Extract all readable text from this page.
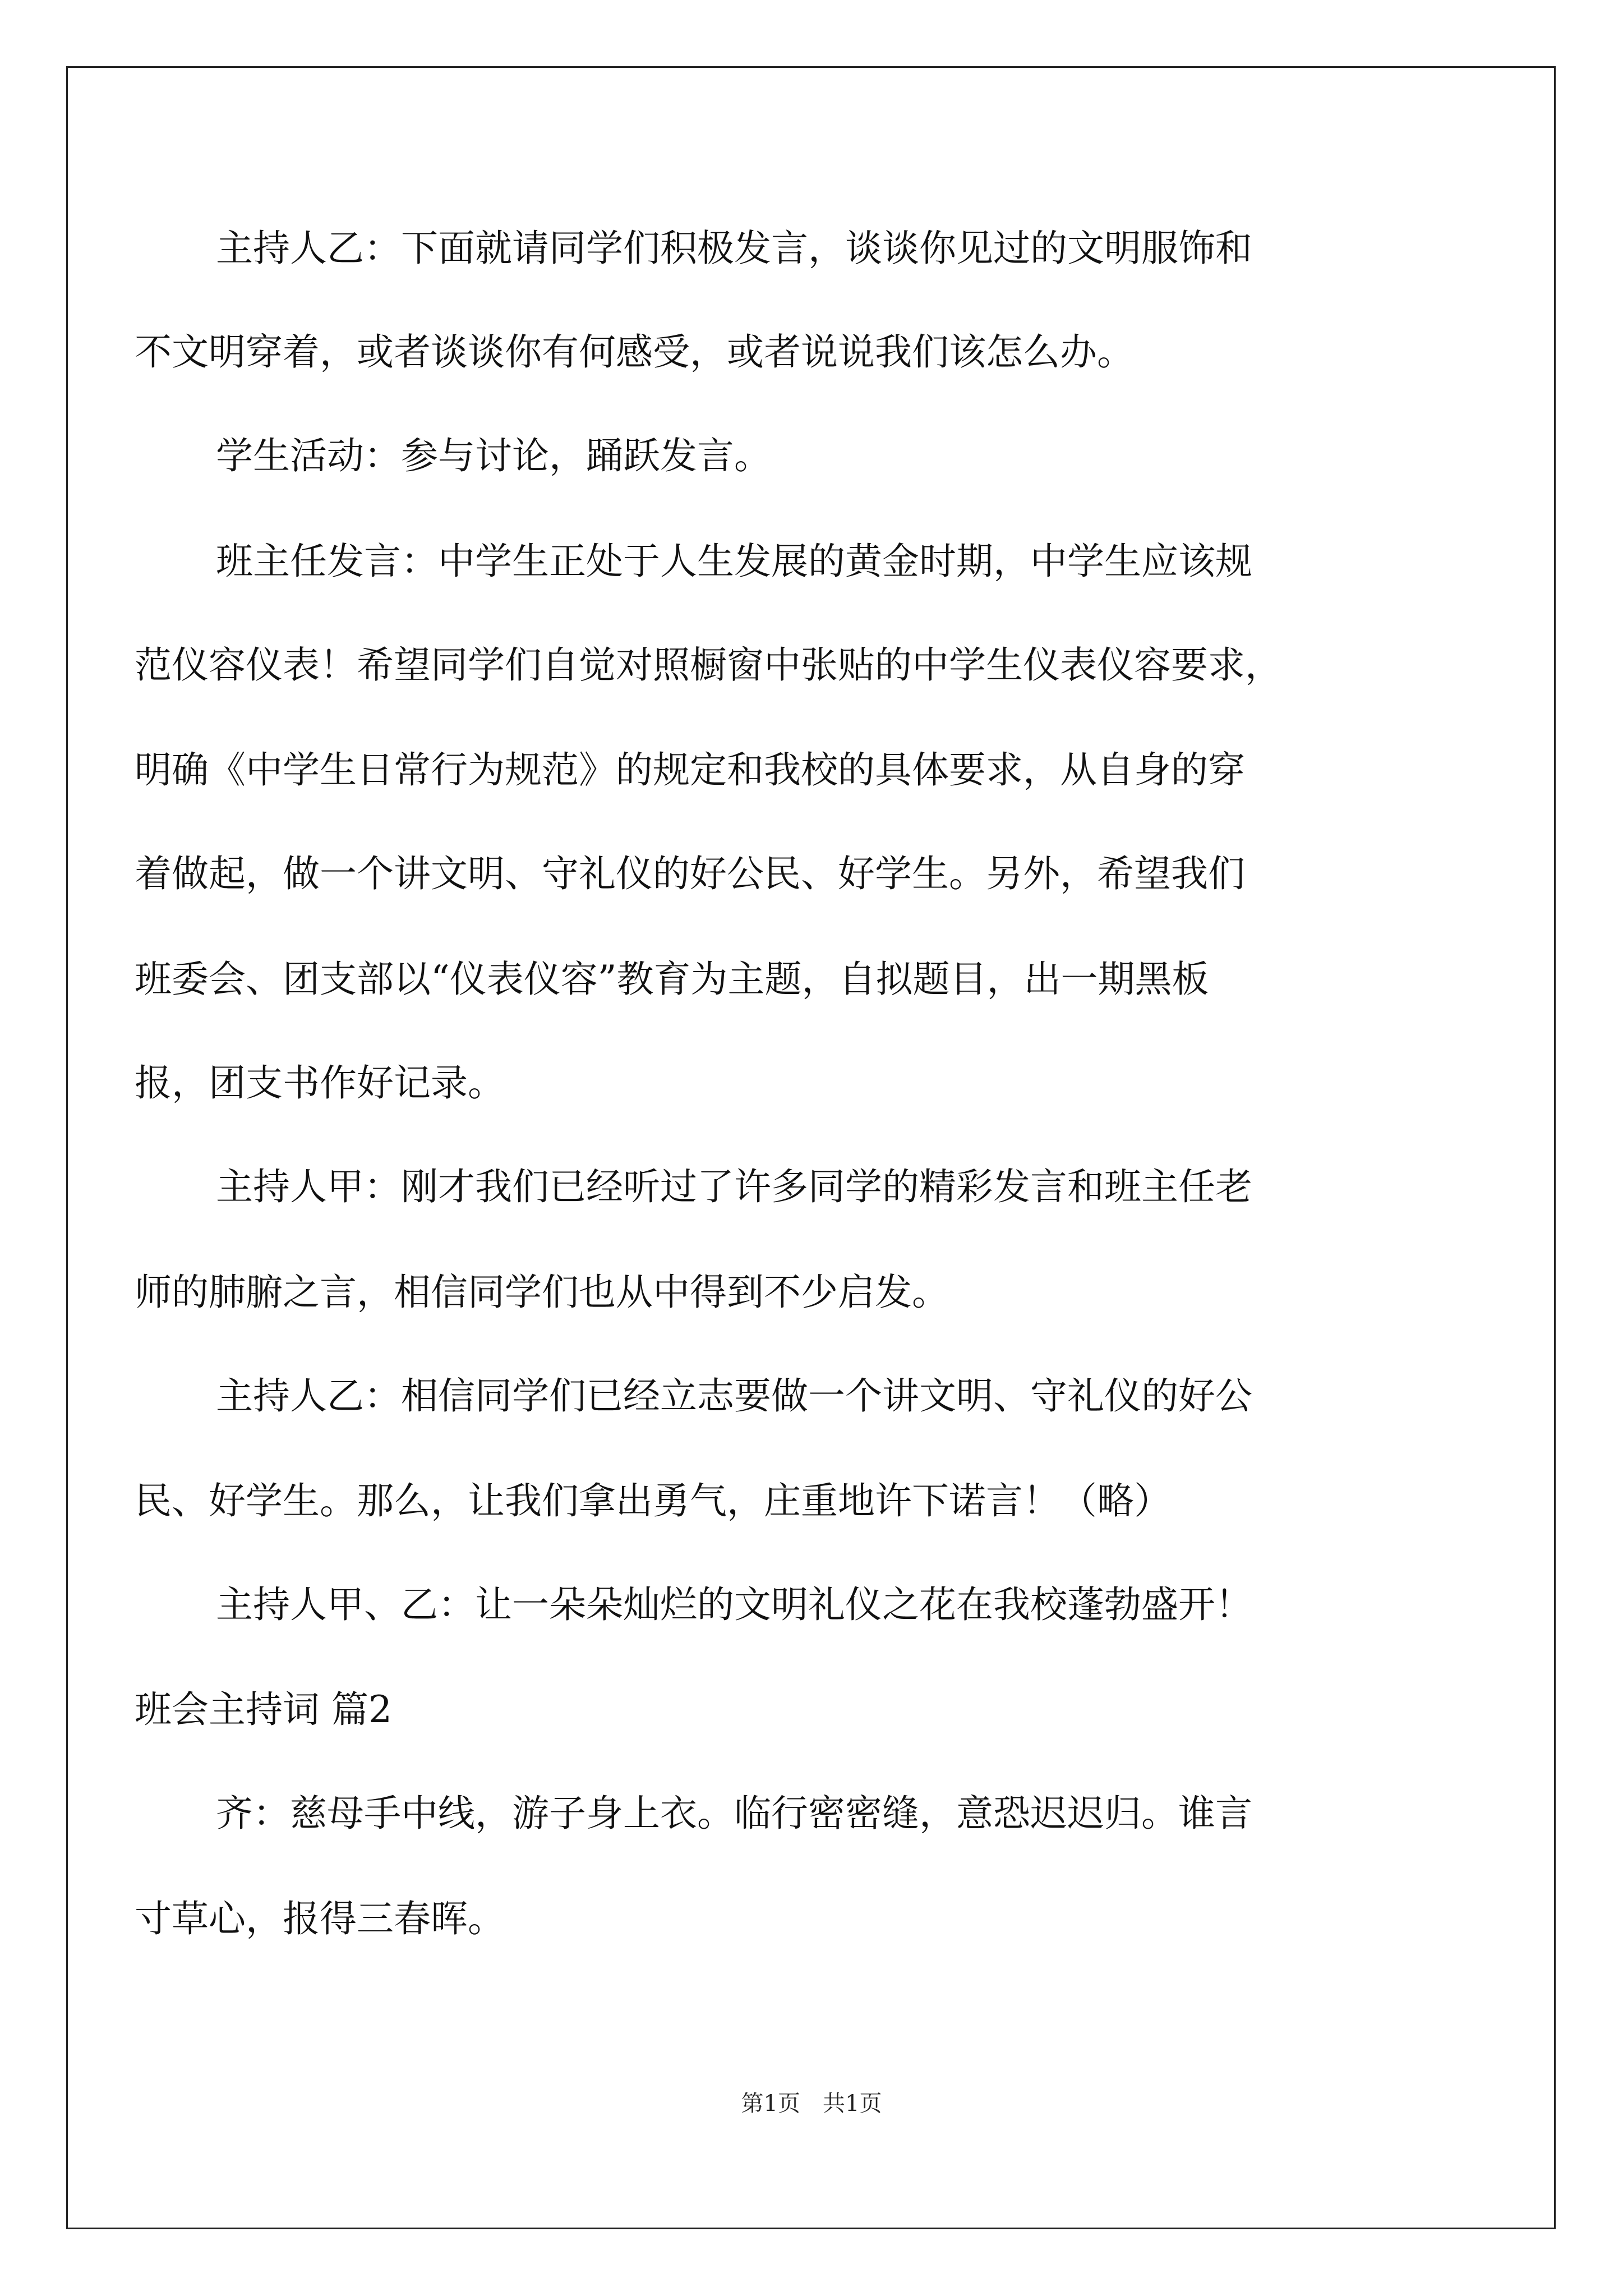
主持人乙：下面就请同学们积极发言，谈谈你见过的文明服饰和
不文明穿着，或者谈谈你有何感受，或者说说我们该怎么办。
学生活动：参与讨论，踊跃发言。
班主任发言：中学生正处于人生发展的黄金时期，中学生应该规
范仪容仪表！希望同学们自觉对照橱窗中张贴的中学生仪表仪容要求，
明确《中学生日常行为规范》的规定和我校的具体要求，从自身的穿
着做起，做一个讲文明、守礼仪的好公民、好学生。另外，希望我们
班委会、团支部以“仪表仪容”教育为主题，自拟题目，出一期黑板
报，团支书作好记录。
主持人甲：刚才我们已经听过了许多同学的精彩发言和班主任老
师的肺腑之言，相信同学们也从中得到不少启发。
主持人乙：相信同学们已经立志要做一个讲文明、守礼仪的好公
民、好学生。那么，让我们拿出勇气，庄重地许下诺言！（略）
主持人甲、乙：让一朵朵灿烂的文明礼仪之花在我校蓬勃盛开！
班会主持词 篇2
齐：慈母手中线，游子身上衣。临行密密缝，意恐迟迟归。谁言
寸草心，报得三春晖。
第1页　共1页
